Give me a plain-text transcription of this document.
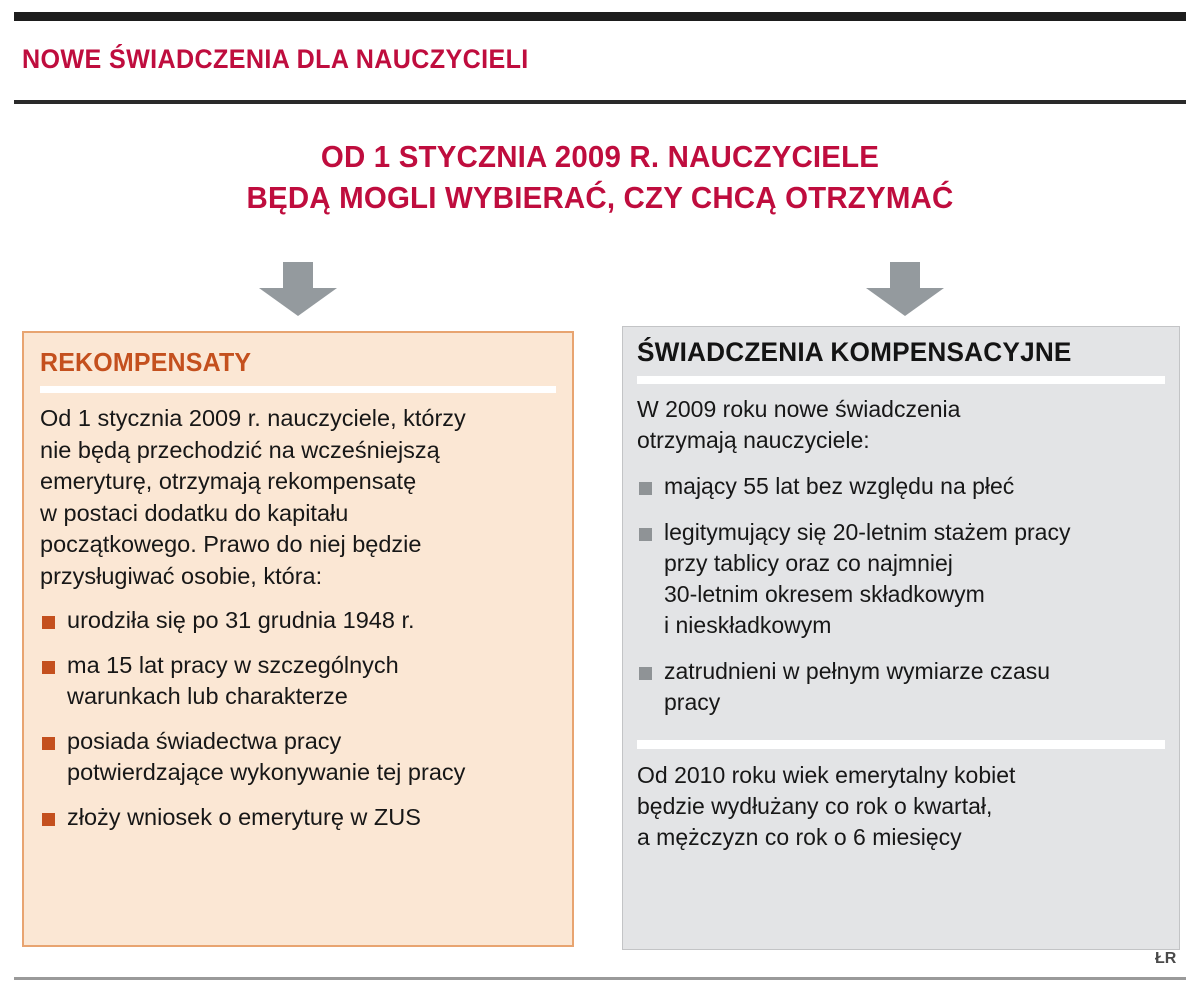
NOWE ŚWIADCZENIA DLA NAUCZYCIELI
OD 1 STYCZNIA 2009 R. NAUCZYCIELE
BĘDĄ MOGLI WYBIERAĆ, CZY CHCĄ OTRZYMAĆ
REKOMPENSATY
Od 1 stycznia 2009 r. nauczyciele, którzy
nie będą przechodzić na wcześniejszą
emeryturę, otrzymają rekompensatę
w postaci dodatku do kapitału
początkowego. Prawo do niej będzie
przysługiwać osobie, która:
urodziła się po 31 grudnia 1948 r.
ma 15 lat pracy w szczególnych
warunkach lub charakterze
posiada świadectwa pracy
potwierdzające wykonywanie tej pracy
złoży wniosek o emeryturę w ZUS
ŚWIADCZENIA KOMPENSACYJNE
W 2009 roku nowe świadczenia
otrzymają nauczyciele:
mający 55 lat bez względu na płeć
legitymujący się 20-letnim stażem pracy
przy tablicy oraz co najmniej
30-letnim okresem składkowym
i nieskładkowym
zatrudnieni w pełnym wymiarze czasu
pracy
Od 2010 roku wiek emerytalny kobiet
będzie wydłużany co rok o kwartał,
a mężczyzn co rok o 6 miesięcy
ŁR
